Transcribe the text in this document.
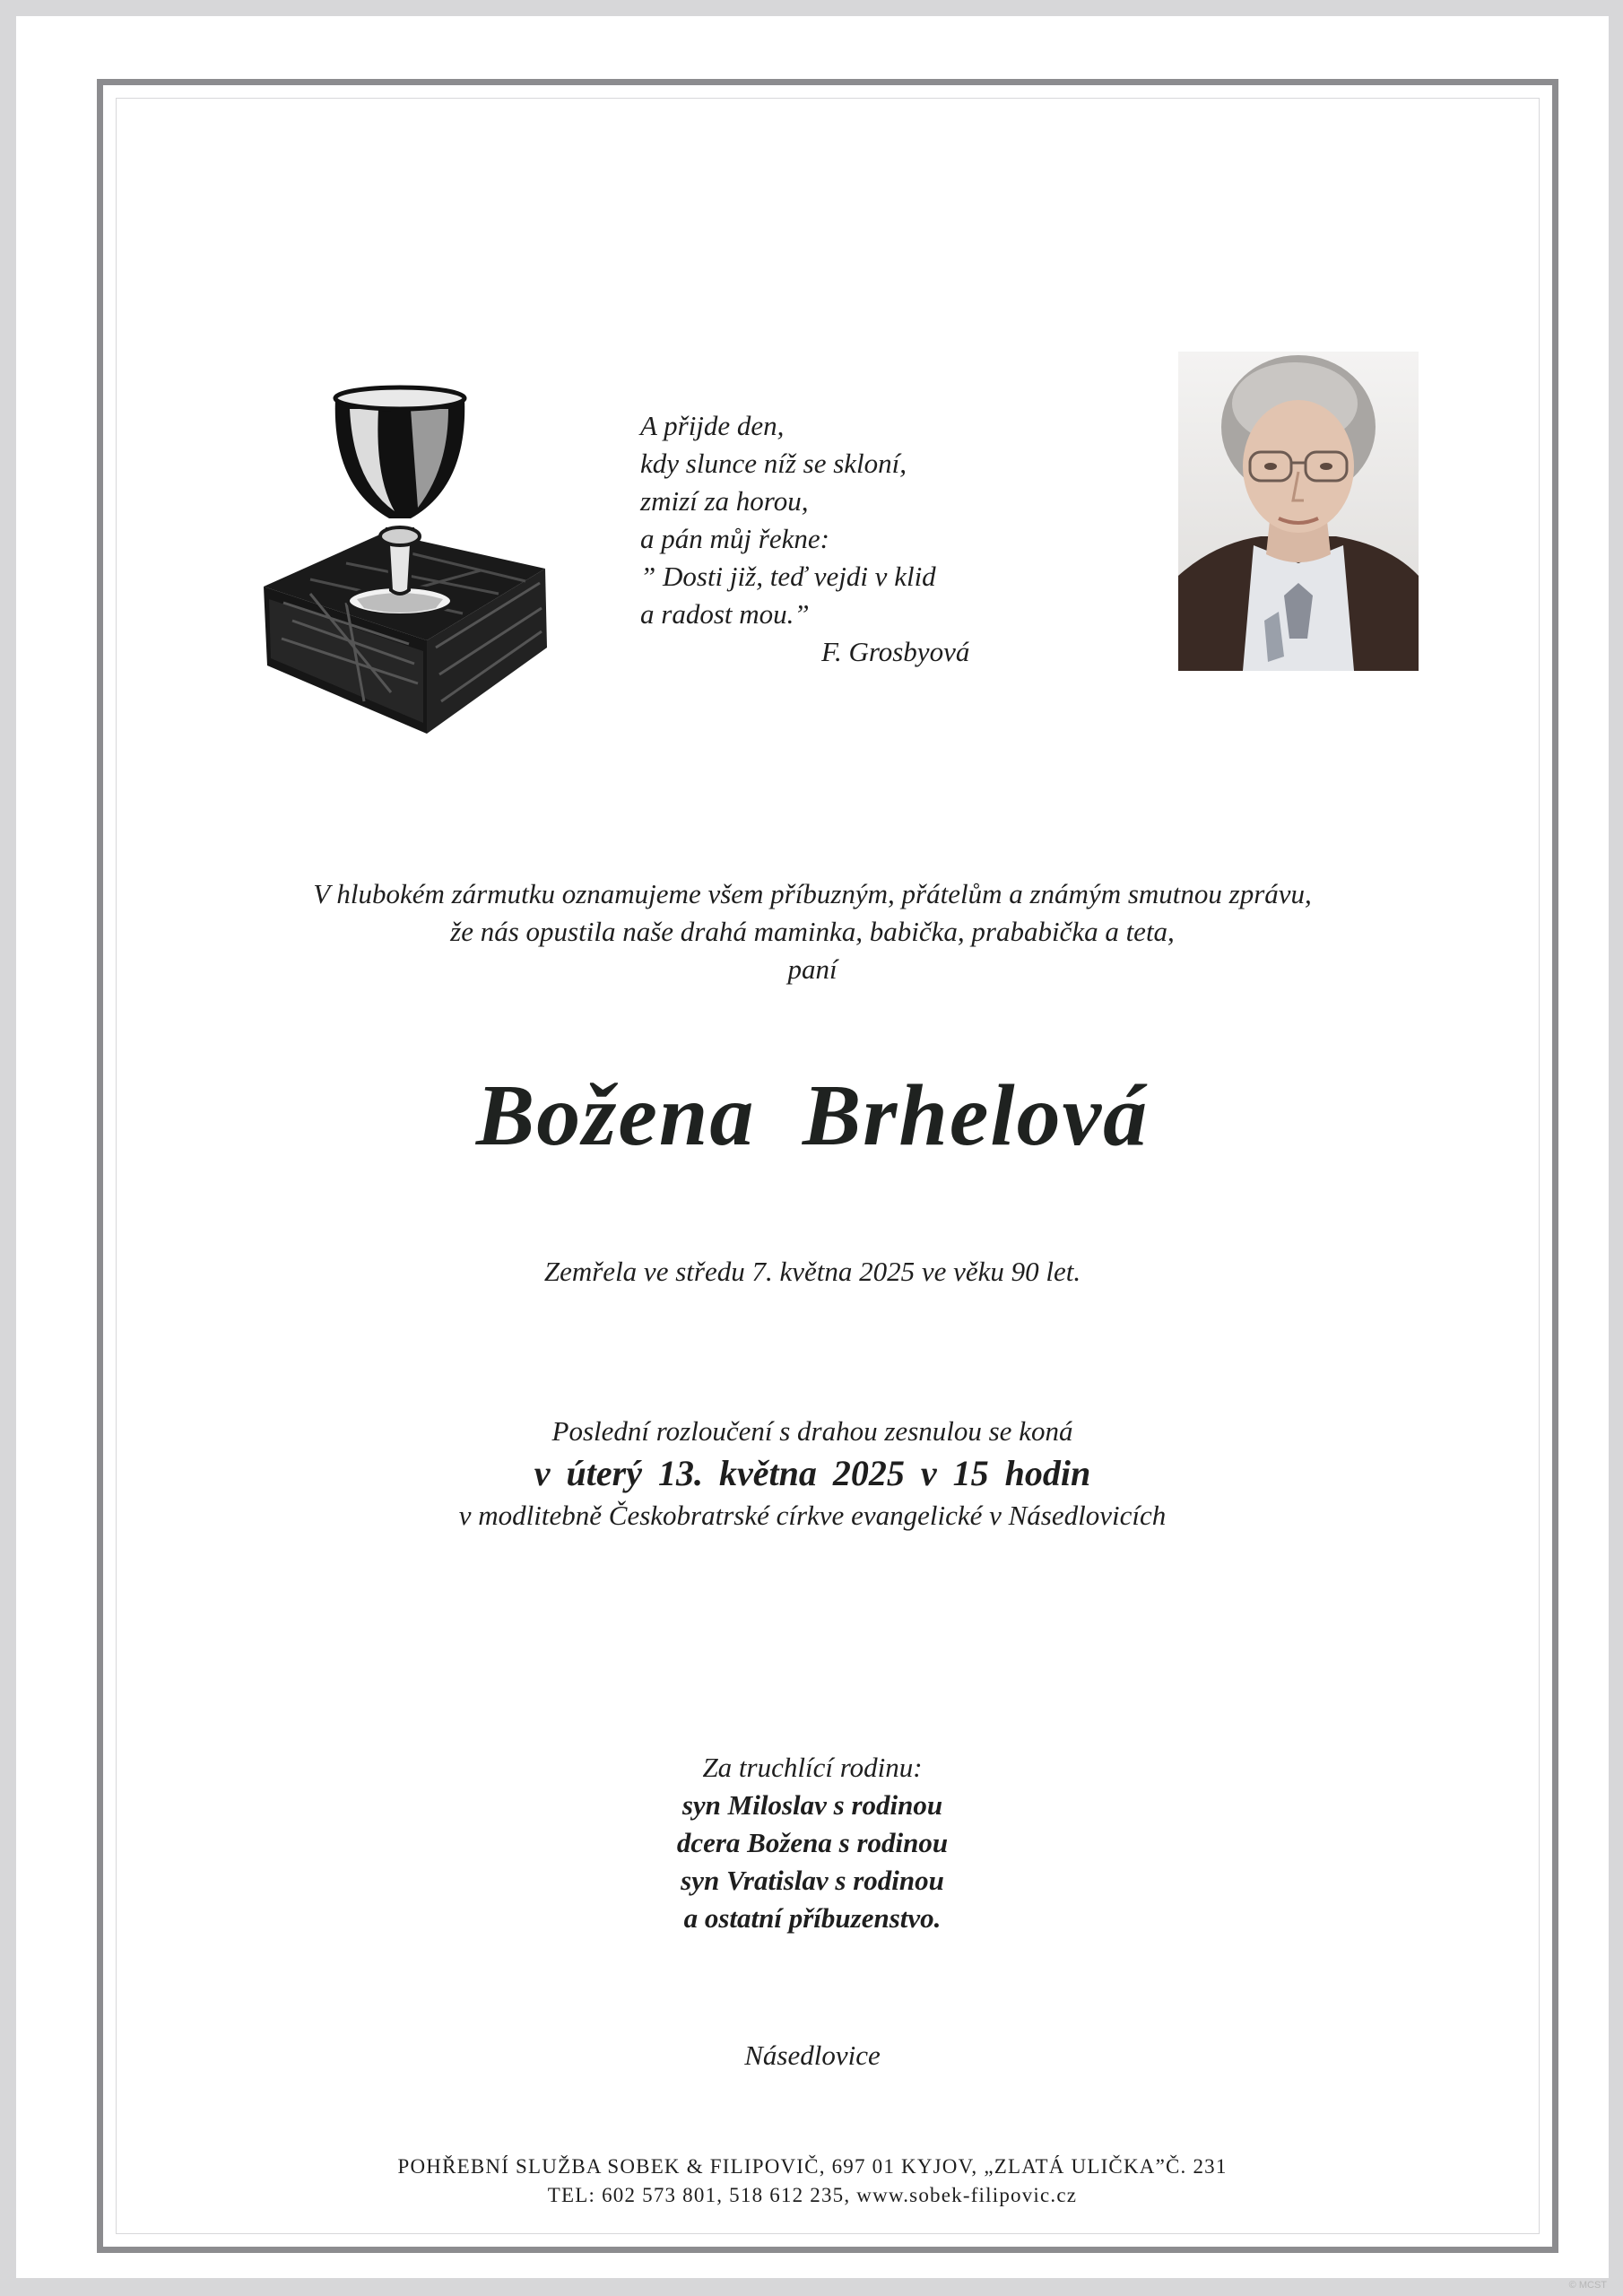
A přijde den,
kdy slunce níž se skloní,
zmizí za horou,
a pán můj řekne:
” Dosti již, teď vejdi v klid
a radost mou.”
F. Grosbyová
V hlubokém zármutku oznamujeme všem příbuzným, přátelům a známým smutnou zprávu,
že nás opustila naše drahá maminka, babička, prababička a teta,
paní
Božena Brhelová
Zemřela ve středu 7. května 2025 ve věku 90 let.
Poslední rozloučení s drahou zesnulou se koná
v úterý 13. května 2025 v 15 hodin
v modlitebně Českobratrské církve evangelické v Násedlovicích
Za truchlící rodinu:
syn Miloslav s rodinou
dcera Božena s rodinou
syn Vratislav s rodinou
a ostatní příbuzenstvo.
Násedlovice
POHŘEBNÍ SLUŽBA SOBEK & FILIPOVIČ, 697 01 KYJOV, „ZLATÁ ULIČKA”Č. 231
TEL: 602 573 801, 518 612 235, www.sobek-filipovic.cz
© MCST
